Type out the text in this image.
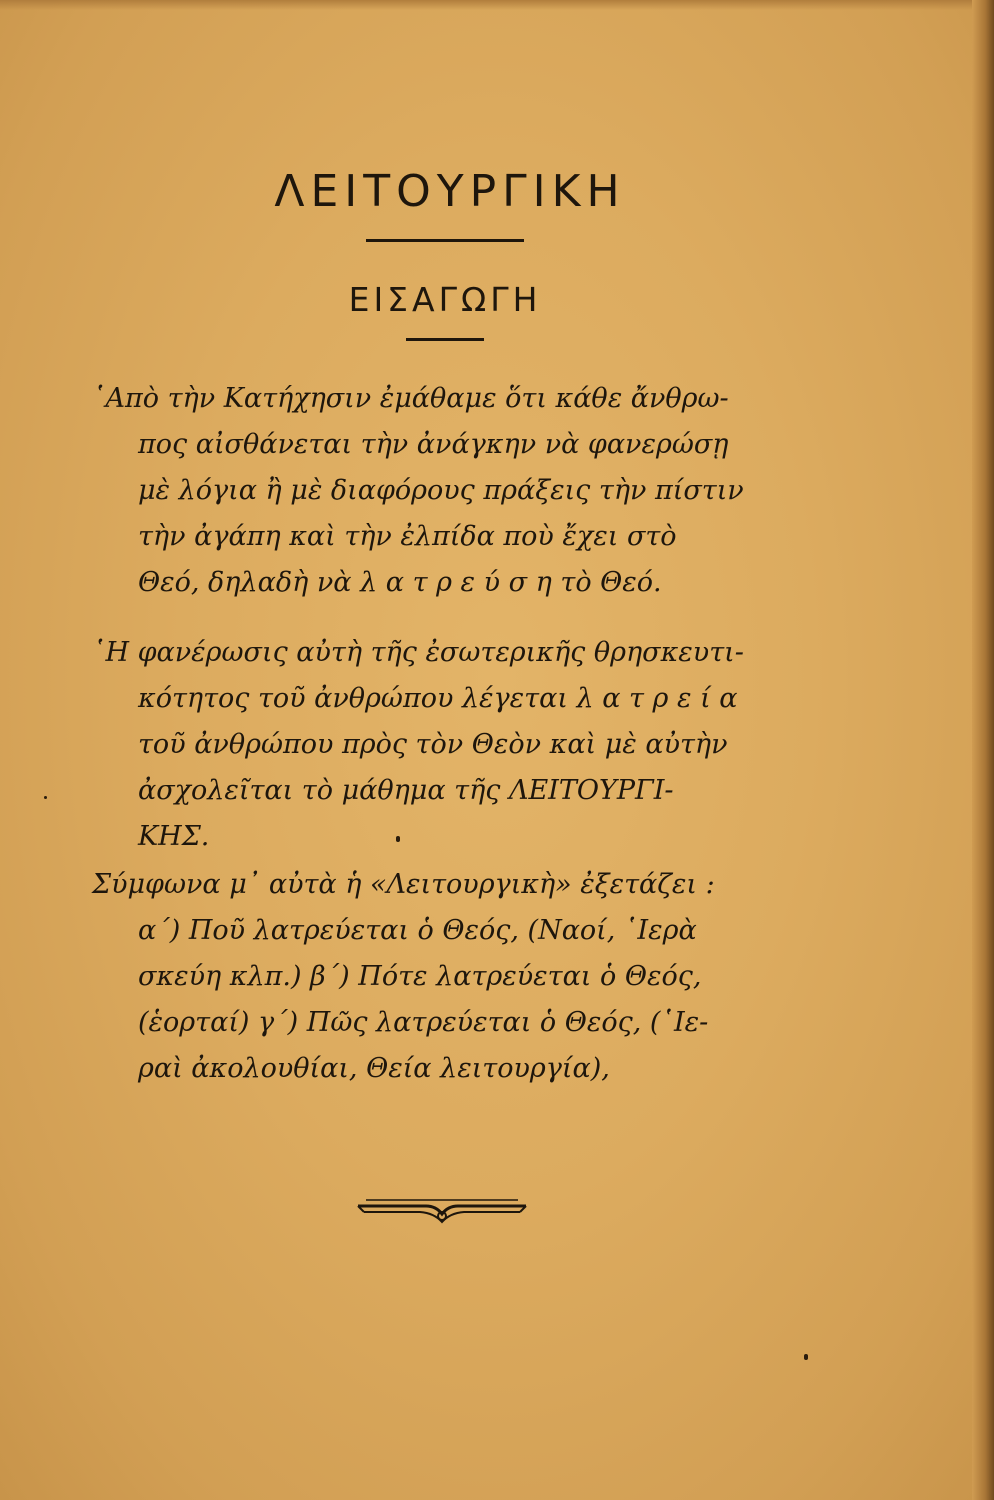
ΛΕΙΤΟΥΡΓΙΚΗ
ΕΙΣΑΓΩΓΗ

῾Απὸ τὴν Κατήχησιν ἐμάθαμε ὅτι κάθε ἄνθρω-
πος αἰσθάνεται τὴν ἀνάγκην νὰ φανερώσῃ
μὲ λόγια ἢ μὲ διαφόρους πράξεις τὴν πίστιν
τὴν ἀγάπη καὶ τὴν ἐλπίδα ποὺ ἔχει στὸ
Θεό, δηλαδὴ νὰ λ α τ ρ ε ύ σ η τὸ Θεό.

῾Η φανέρωσις αὐτὴ τῆς ἐσωτερικῆς θρησκευτι-
κότητος τοῦ ἀνθρώπου λέγεται λ α τ ρ ε ί α
τοῦ ἀνθρώπου πρὸς τὸν Θεὸν καὶ μὲ αὐτὴν
ἀσχολεῖται τὸ μάθημα τῆς ΛΕΙΤΟΥΡΓΙ-
ΚΗΣ.

Σύμφωνα μ᾿ αὐτὰ ἡ «Λειτουργικὴ» ἐξετάζει :
α΄) Ποῦ λατρεύεται ὁ Θεός, (Ναοί, ῾Ιερὰ
σκεύη κλπ.) β΄) Πότε λατρεύεται ὁ Θεός,
(ἑορταί) γ΄) Πῶς λατρεύεται ὁ Θεός, (῾Ιε-
ραὶ ἀκολουθίαι, Θεία λειτουργία),
